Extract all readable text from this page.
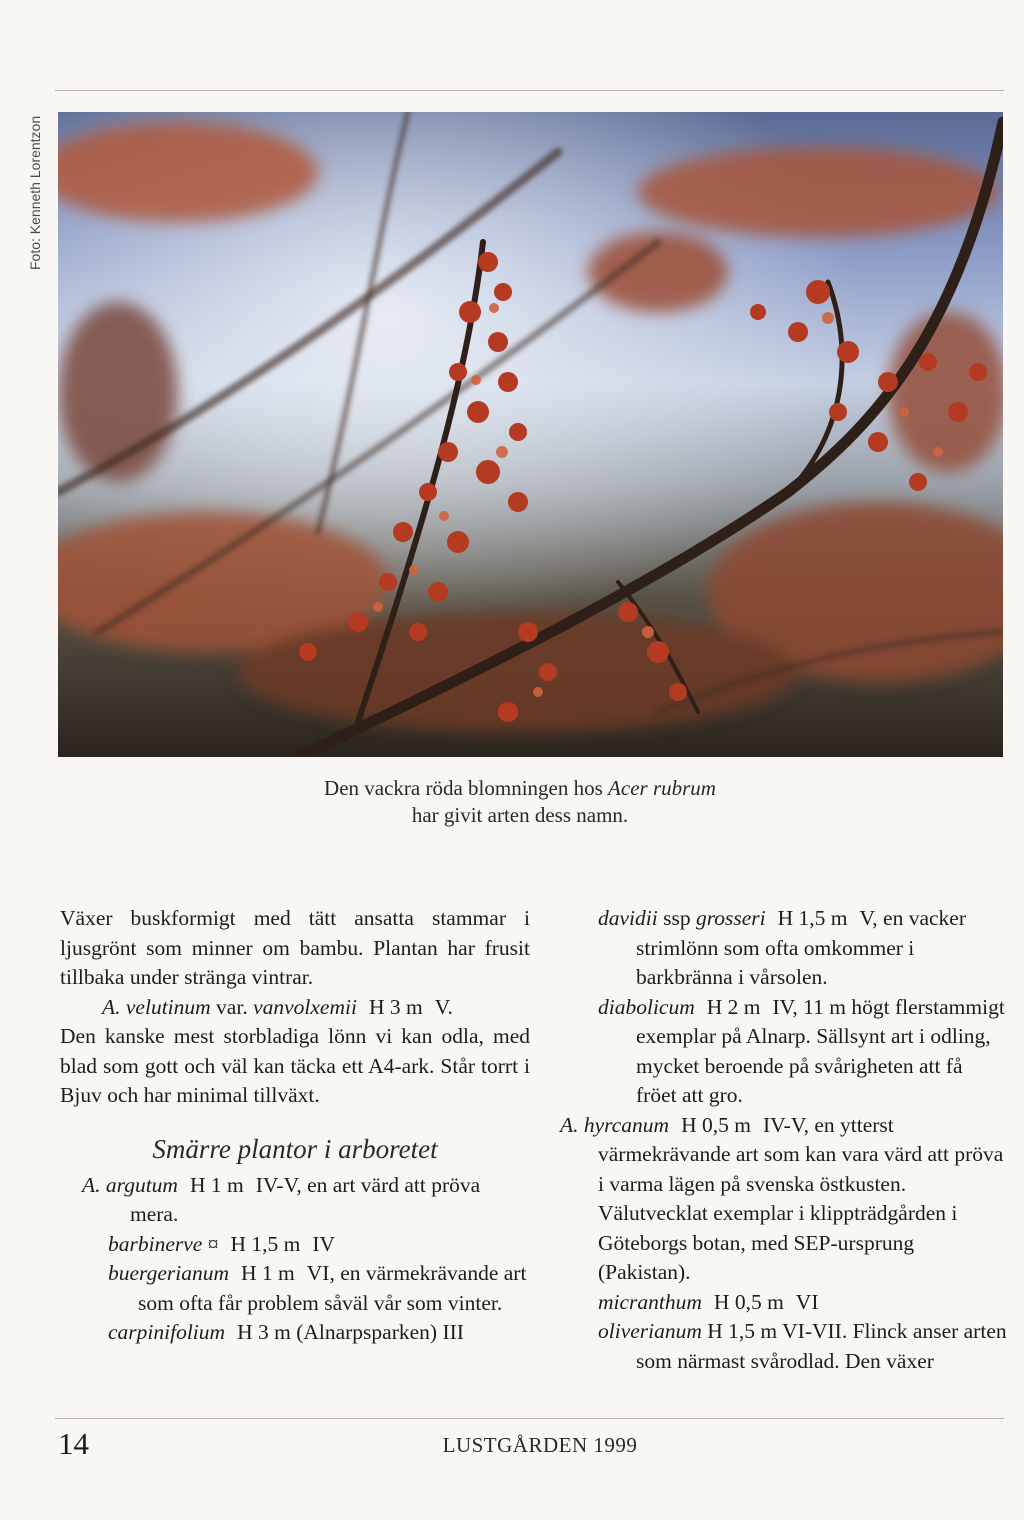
Foto: Kenneth Lorentzon
Den vackra röda blomningen hos Acer rubrum
har givit arten dess namn.

Växer buskformigt med tätt ansatta stammar i ljusgrönt som minner om bambu. Plantan har frusit tillbaka under stränga vintrar.

A. velutinum var. vanvolxemii H 3 m V.

Den kanske mest storbladiga lönn vi kan odla, med blad som gott och väl kan täcka ett A4-ark. Står torrt i Bjuv och har minimal tillväxt.

Smärre plantor i arboretet

A. argutum H 1 m IV-V, en art värd att pröva mera.

barbinerve ¤ H 1,5 m IV

buergerianum H 1 m VI, en värmekrävande art som ofta får problem såväl vår som vinter.

carpinifolium H 3 m (Alnarpsparken) III

davidii ssp grosseri H 1,5 m V, en vacker strimlönn som ofta omkommer i barkbränna i vårsolen.

diabolicum H 2 m IV, 11 m högt flerstammigt exemplar på Alnarp. Sällsynt art i odling, mycket beroende på svårigheten att få fröet att gro.

A. hyrcanum H 0,5 m IV-V, en ytterst värmekrävande art som kan vara värd att pröva i varma lägen på svenska östkusten. Välutvecklat exemplar i klippträdgården i Göteborgs botan, med SEP-ursprung (Pakistan).

micranthum H 0,5 m VI

oliverianum H 1,5 m VI-VII. Flinck anser arten som närmast svårodlad. Den växer

14	LUSTGÅRDEN 1999
